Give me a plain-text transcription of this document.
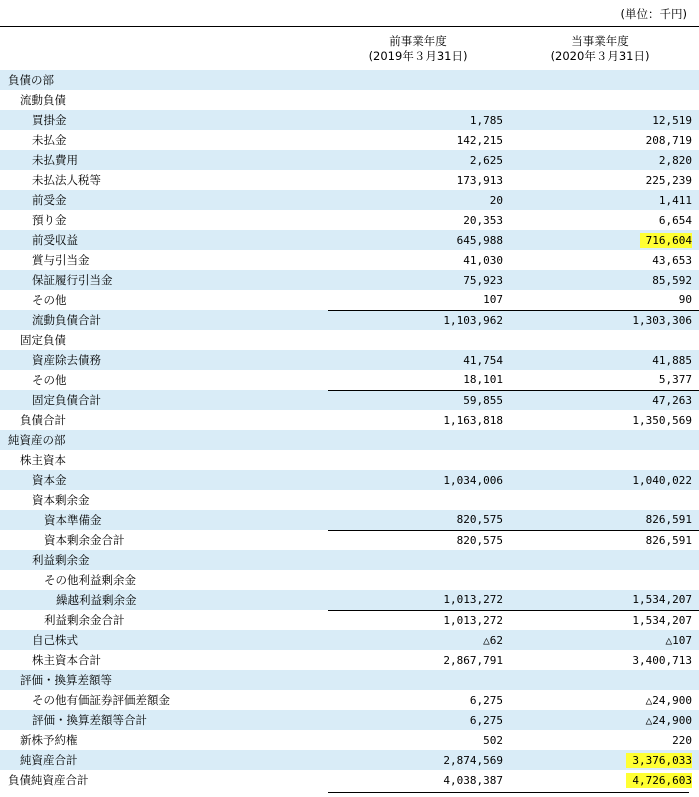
(単位：千円)
前事業年度
(2019年３月31日)
当事業年度
(2020年３月31日)
負債の部		
流動負債		
買掛金	1,785	12,519
未払金	142,215	208,719
未払費用	2,625	2,820
未払法人税等	173,913	225,239
前受金	20	1,411
預り金	20,353	6,654
前受収益	645,988	716,604
賞与引当金	41,030	43,653
保証履行引当金	75,923	85,592
その他	107	90
流動負債合計	1,103,962	1,303,306
固定負債		
資産除去債務	41,754	41,885
その他	18,101	5,377
固定負債合計	59,855	47,263
負債合計	1,163,818	1,350,569
純資産の部		
株主資本		
資本金	1,034,006	1,040,022
資本剰余金		
資本準備金	820,575	826,591
資本剰余金合計	820,575	826,591
利益剰余金		
その他利益剰余金		
繰越利益剰余金	1,013,272	1,534,207
利益剰余金合計	1,013,272	1,534,207
自己株式	△62	△107
株主資本合計	2,867,791	3,400,713
評価・換算差額等		
その他有価証券評価差額金	6,275	△24,900
評価・換算差額等合計	6,275	△24,900
新株予約権	502	220
純資産合計	2,874,569	3,376,033
負債純資産合計	4,038,387	4,726,603
